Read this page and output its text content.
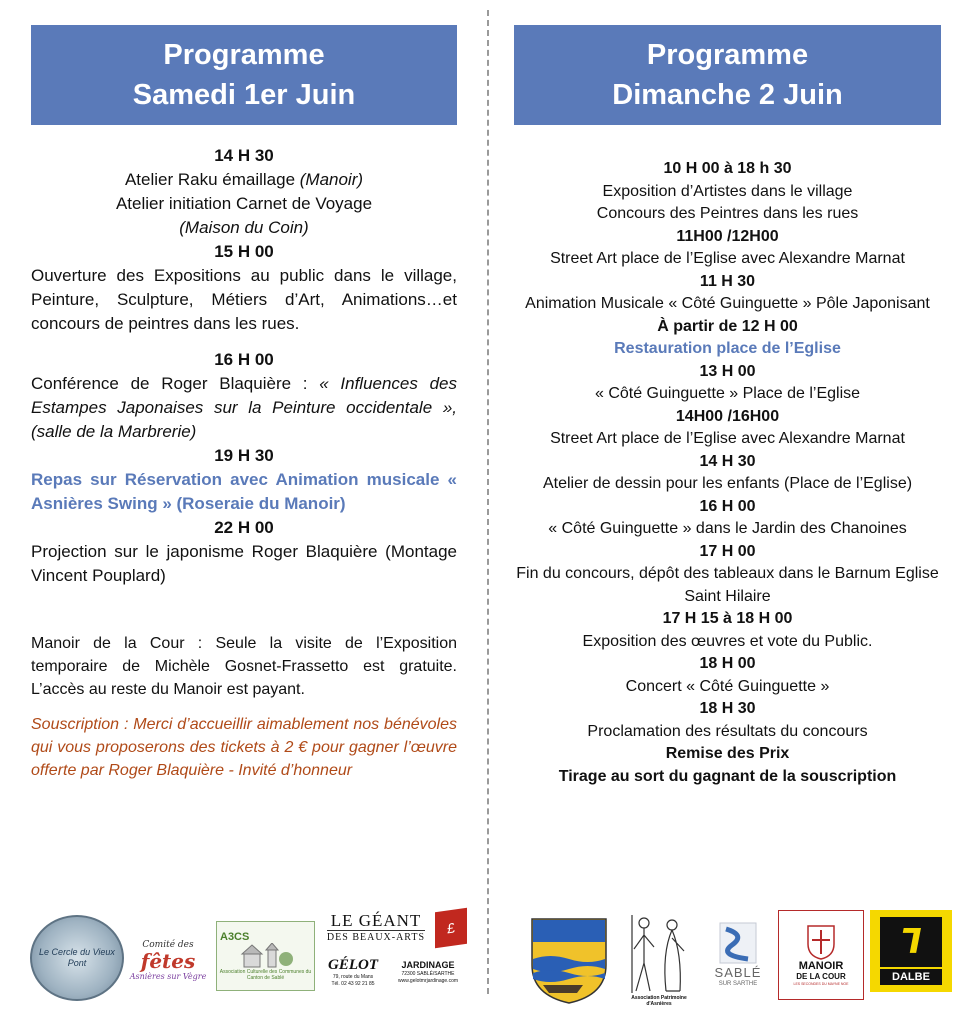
Programme
Samedi 1er Juin
14 H 30
Atelier Raku émaillage (Manoir)
Atelier initiation Carnet de Voyage
(Maison du Coin)
15 H 00
Ouverture des Expositions au public dans le village, Peinture, Sculpture, Métiers d’Art, Animations…et concours de peintres dans les rues.
16 H 00
Conférence de Roger Blaquière : « Influences des Estampes Japonaises sur la Peinture occidentale », (salle de la Marbrerie)
19 H 30
Repas sur Réservation avec Animation musicale « Asnières Swing » (Roseraie du Manoir)
22 H 00
Projection sur le japonisme Roger Blaquière (Montage Vincent Pouplard)
Manoir de la Cour : Seule la visite de l’Exposition temporaire de Michèle Gosnet-Frassetto est gratuite. L’accès au reste du Manoir est payant.
Souscription : Merci d’accueillir aimablement nos bénévoles qui vous proposerons des tickets à 2 € pour gagner l’œuvre offerte par Roger Blaquière - Invité d’honneur
Programme
Dimanche 2 Juin
10 H 00 à 18 h 30
Exposition d’Artistes dans le village
Concours des Peintres dans les rues
11H00 /12H00
Street Art place de l’Eglise avec Alexandre Marnat
11 H 30
Animation Musicale « Côté Guinguette » Pôle Japonisant
À partir de 12 H 00
Restauration place de l’Eglise
13 H 00
« Côté Guinguette » Place de l’Eglise
14H00 /16H00
Street Art place de l’Eglise avec Alexandre Marnat
14 H 30
Atelier de dessin pour les enfants (Place de l’Eglise)
16 H 00
« Côté Guinguette » dans le Jardin des Chanoines
17 H 00
Fin du concours, dépôt des tableaux dans le Barnum Eglise Saint Hilaire
17 H 15 à 18 H 00
Exposition des œuvres et vote du Public.
18 H 00
Concert « Côté Guinguette »
18 H 30
Proclamation des résultats du concours
Remise des Prix
Tirage au sort du gagnant de la souscription
Le Cercle du Vieux Pont
Comité des
fêtes
Asnières sur Vègre
A3CS
Association Culturelle des Communes du Canton de Sablé
LE GÉANT
DES BEAUX-ARTS
£
GÉLOT
79, route du Mans
Tél. 02 43 92 21 85
JARDINAGE
72300 SABLÉ/SARTHE
www.gelotmrjardinage.com
Association Patrimoine d'Asnières
SABLÉ
SUR SARTHE
MANOIR
DE LA COUR
LES SECONDES DU MAYNE NOE
ᒣ
DALBE
